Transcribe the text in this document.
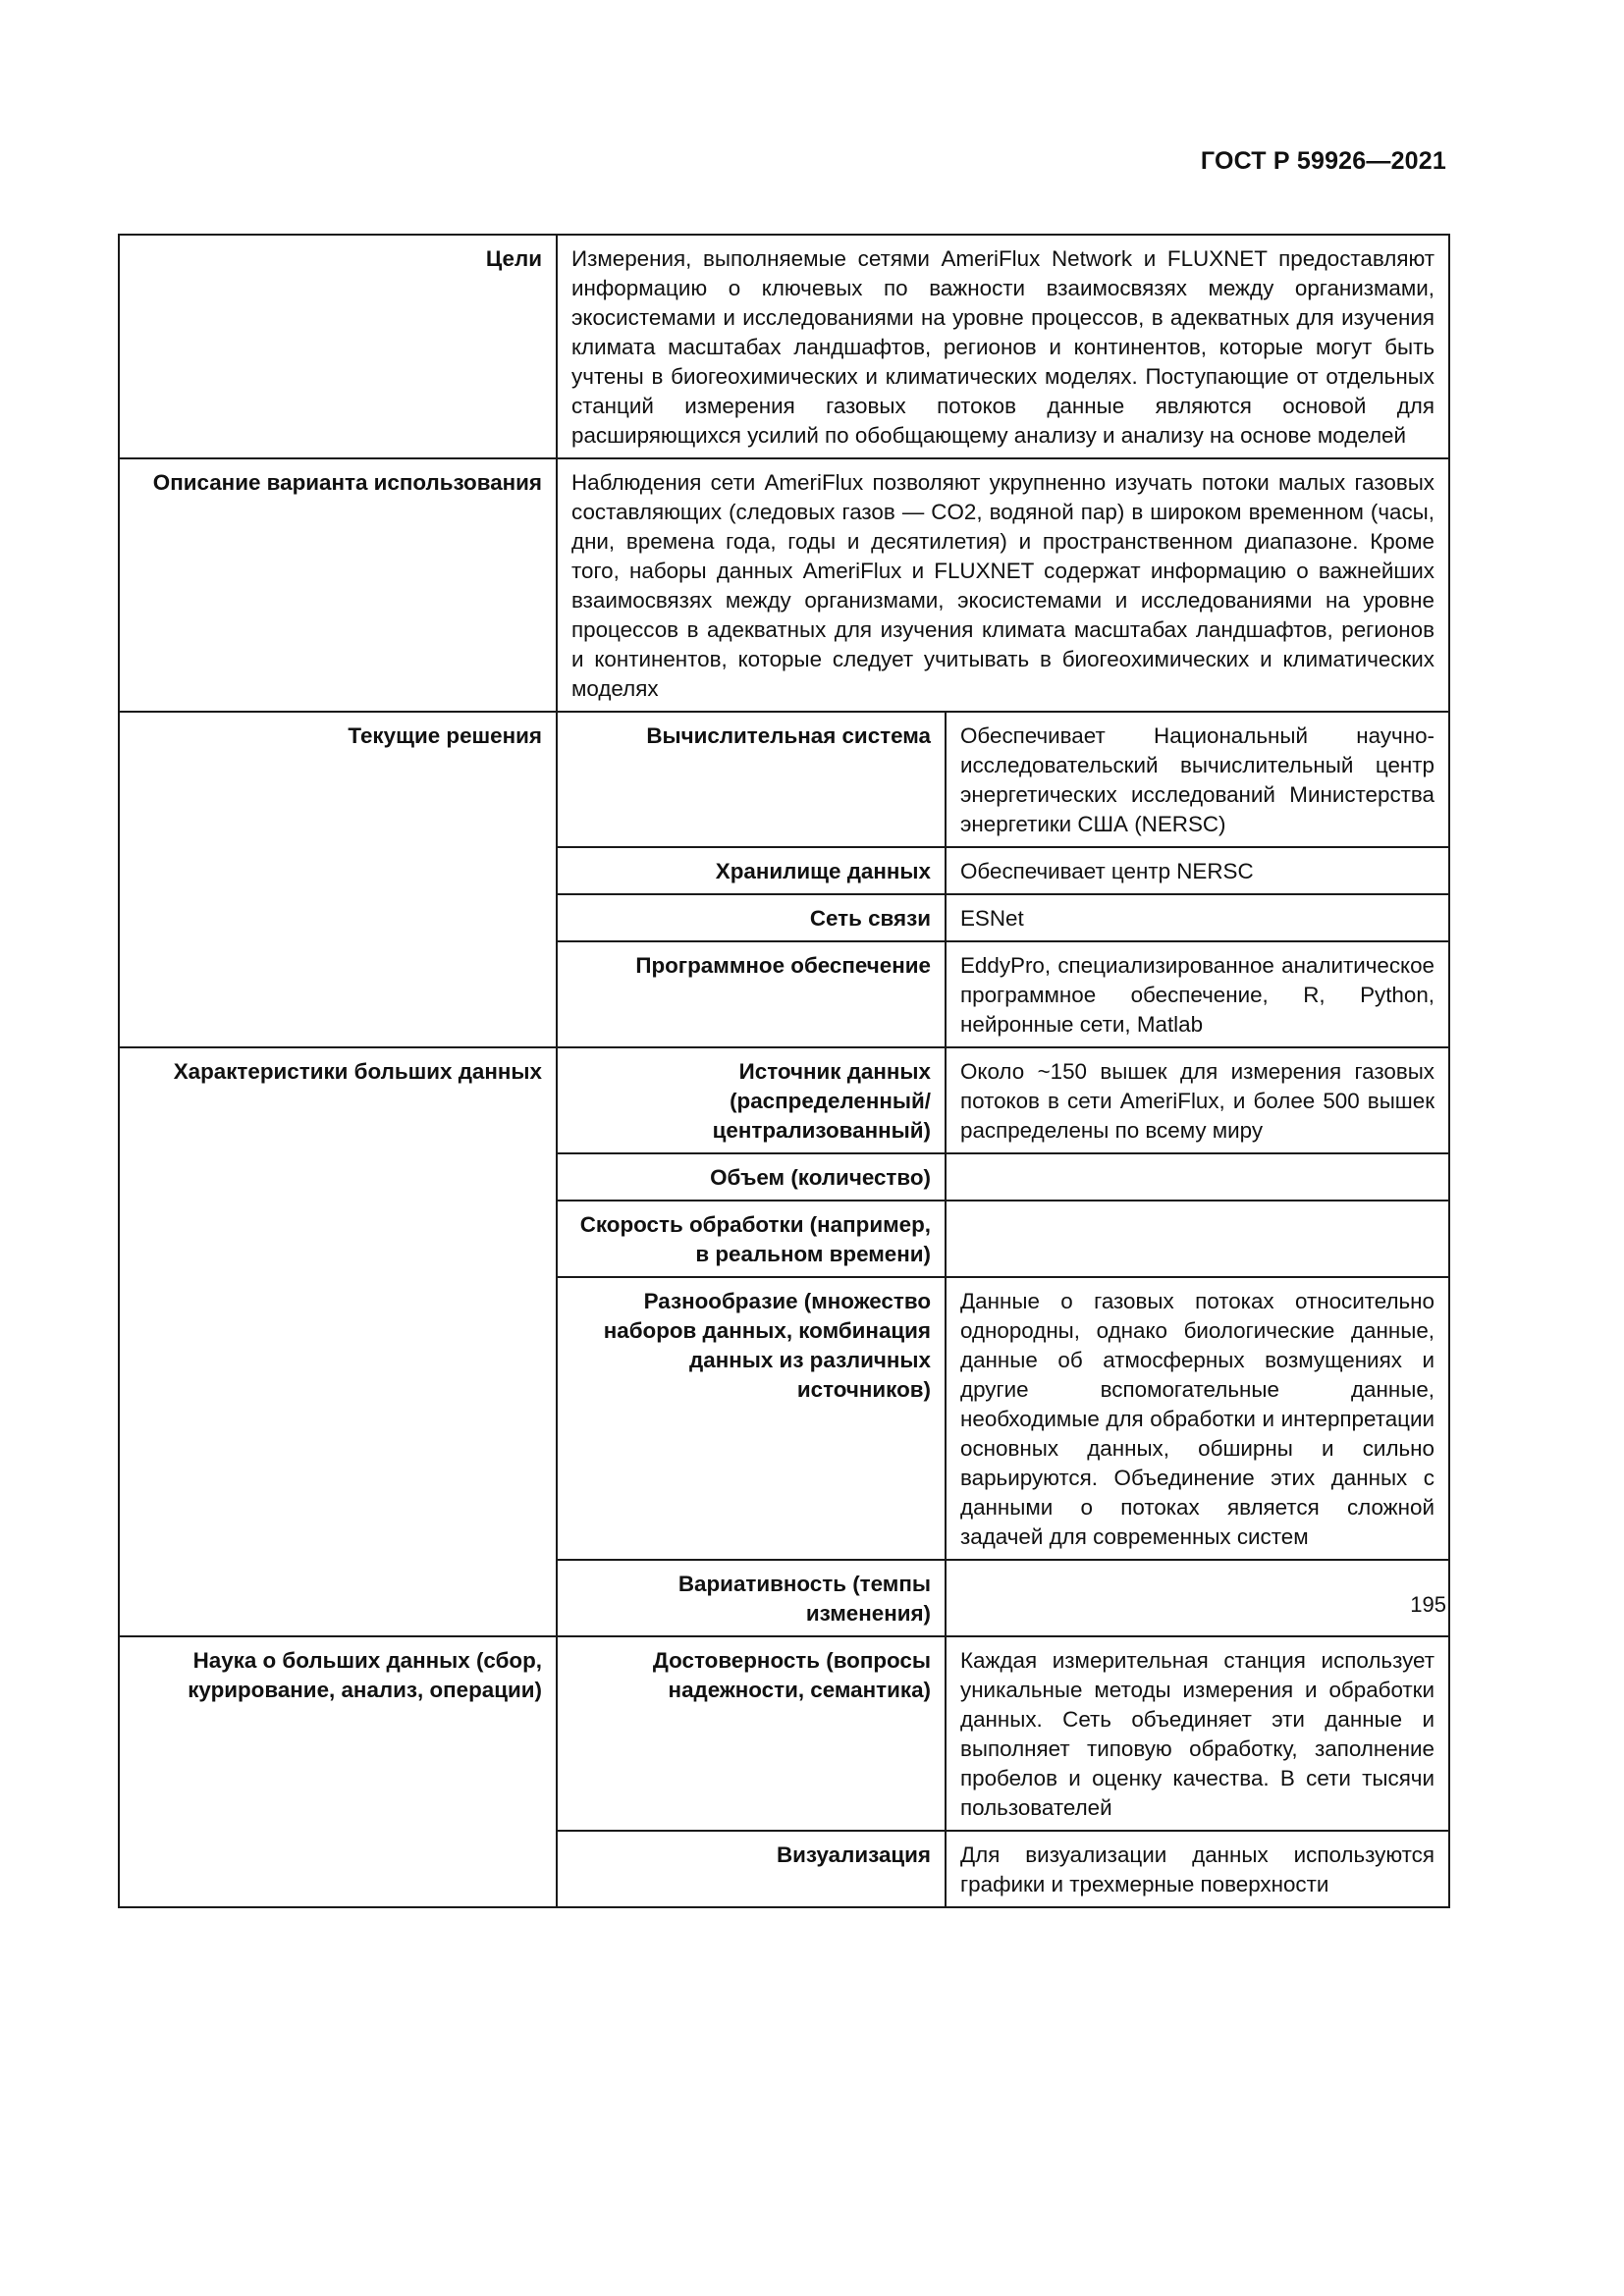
ГОСТ Р 59926—2021
Цели	Измерения, выполняемые сетями AmeriFlux Network и FLUXNET предоставляют информацию о ключевых по важности взаимосвязях между организмами, экосистемами и исследованиями на уровне процессов, в адекватных для изучения климата масштабах ландшафтов, регионов и континентов, которые могут быть учтены в биогеохимических и климатических моделях. Поступающие от отдельных станций измерения газовых потоков данные являются основой для расширяющихся усилий по обобщающему анализу и анализу на основе моделей	
Описание варианта использования	Наблюдения сети AmeriFlux позволяют укрупненно изучать потоки малых газовых составляющих (следовых газов — CO2, водяной пар) в широком временном (часы, дни, времена года, годы и десятилетия) и пространственном диапазоне. Кроме того, наборы данных AmeriFlux и FLUXNET содержат информацию о важнейших взаимосвязях между организмами, экосистемами и исследованиями на уровне процессов в адекватных для изучения климата масштабах ландшафтов, регионов и континентов, которые следует учитывать в биогеохимических и климатических моделях	
Текущие решения	Вычислительная система	Обеспечивает Национальный научно-исследовательский вычислительный центр энергетических исследований Министерства энергетики США (NERSC)
	Хранилище данных	Обеспечивает центр NERSC
	Сеть связи	ESNet
	Программное обеспечение	EddyPro, специализированное аналитическое программное обеспечение, R, Python, нейронные сети, Matlab
Характеристики больших данных	Источник данных (распределенный/ централизованный)	Около ~150 вышек для измерения газовых потоков в сети AmeriFlux, и более 500 вышек распределены по всему миру
	Объем (количество)	
	Скорость обработки (например, в реальном времени)	
	Разнообразие (множество наборов данных, комбинация данных из различных источников)	Данные о газовых потоках относительно однородны, однако биологические данные, данные об атмосферных возмущениях и другие вспомогательные данные, необходимые для обработки и интерпретации основных данных, обширны и сильно варьируются. Объединение этих данных с данными о потоках является сложной задачей для современных систем
	Вариативность (темпы изменения)	
Наука о больших данных (сбор, курирование, анализ, операции)	Достоверность (вопросы надежности, семантика)	Каждая измерительная станция использует уникальные методы измерения и обработки данных. Сеть объединяет эти данные и выполняет типовую обработку, заполнение пробелов и оценку качества. В сети тысячи пользователей
	Визуализация	Для визуализации данных используются графики и трехмерные поверхности
195
